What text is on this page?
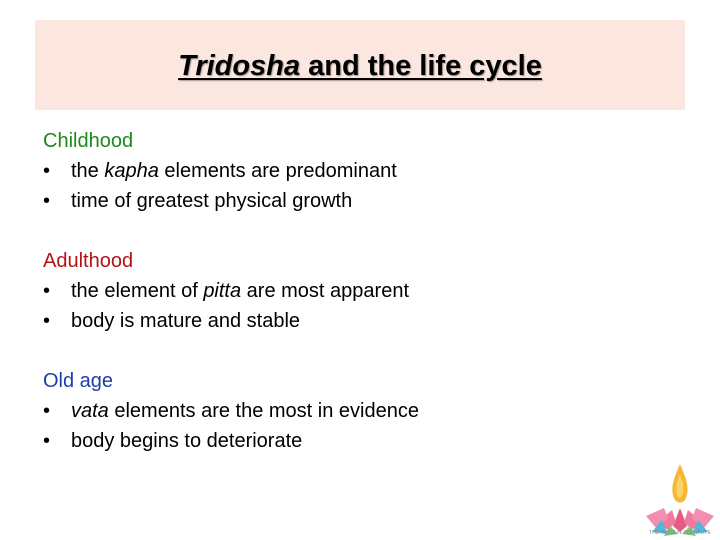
Tridosha and the life cycle
Childhood
•	the kapha elements are predominant
•	time of greatest physical growth
Adulthood
•	the element of pitta are most apparent
•	body is mature and stable
Old age
•	vata elements are the most in evidence
•	body begins to deteriorate
THE YATSUN INSTITUTE
